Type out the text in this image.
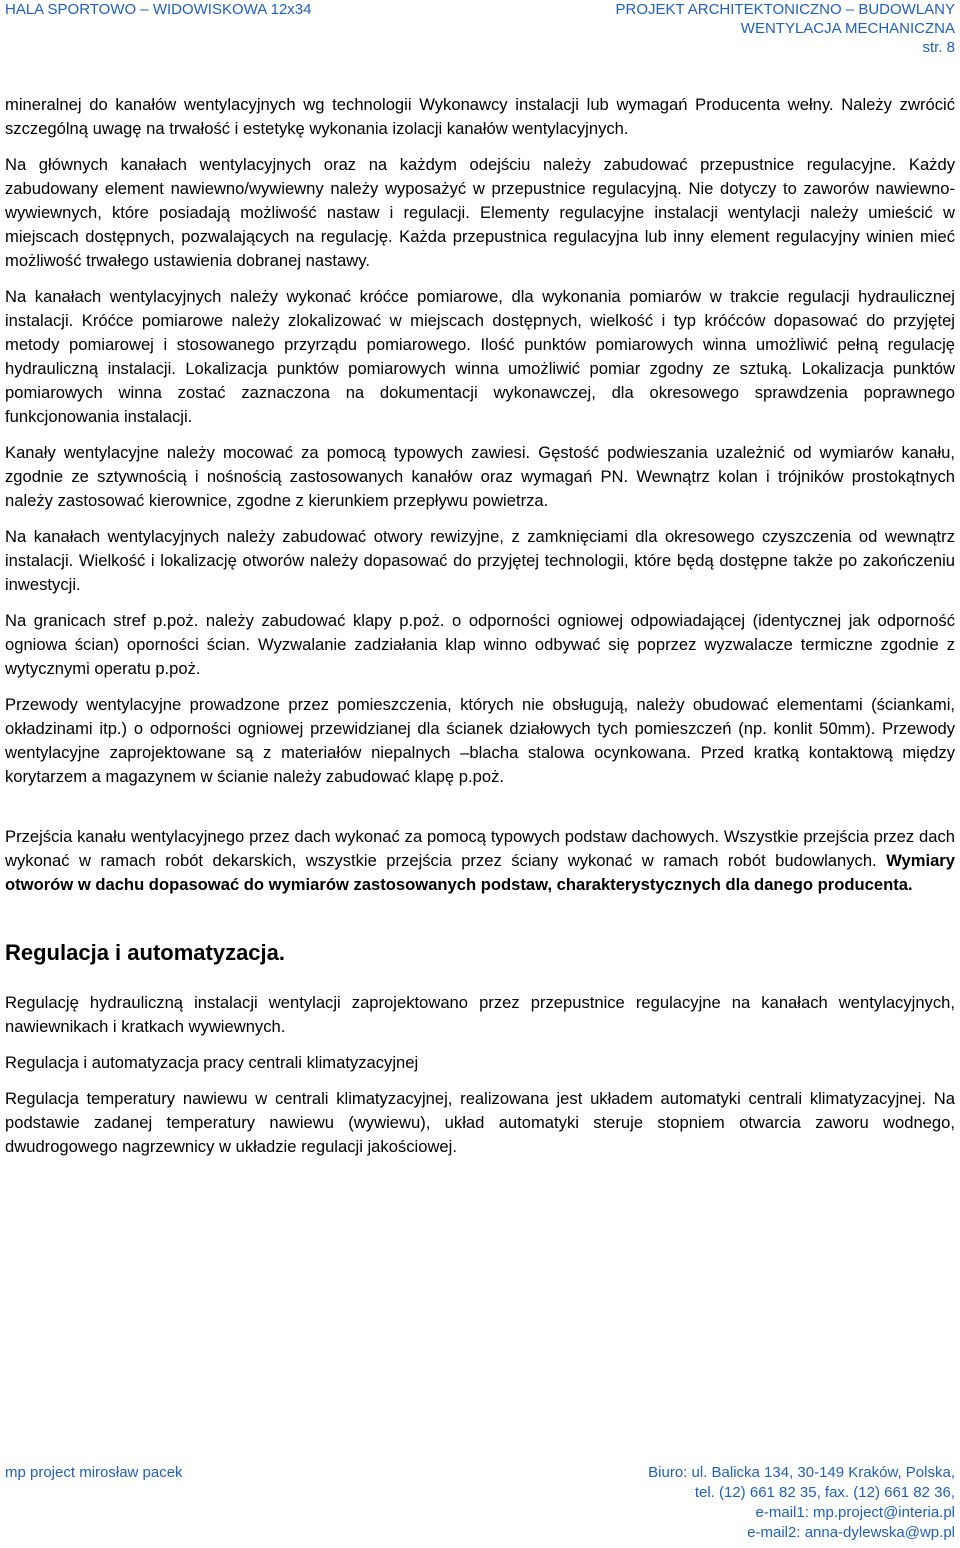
HALA SPORTOWO – WIDOWISKOWA 12x34	PROJEKT ARCHITEKTONICZNO – BUDOWLANY
WENTYLACJA MECHANICZNA
str. 8

mineralnej do kanałów wentylacyjnych wg technologii Wykonawcy instalacji lub wymagań Producenta wełny. Należy zwrócić szczególną uwagę na trwałość i estetykę wykonania izolacji kanałów wentylacyjnych.

Na głównych kanałach wentylacyjnych oraz na każdym odejściu należy zabudować przepustnice regulacyjne. Każdy zabudowany element nawiewno/wywiewny należy wyposażyć w przepustnice regulacyjną. Nie dotyczy to zaworów nawiewno-wywiewnych, które posiadają możliwość nastaw i regulacji. Elementy regulacyjne instalacji wentylacji należy umieścić w miejscach dostępnych, pozwalających na regulację. Każda przepustnica regulacyjna lub inny element regulacyjny winien mieć możliwość trwałego ustawienia dobranej nastawy.

Na kanałach wentylacyjnych należy wykonać króćce pomiarowe, dla wykonania pomiarów w trakcie regulacji hydraulicznej instalacji. Króćce pomiarowe należy zlokalizować w miejscach dostępnych, wielkość i typ króćców dopasować do przyjętej metody pomiarowej i stosowanego przyrządu pomiarowego. Ilość punktów pomiarowych winna umożliwić pełną regulację hydrauliczną instalacji. Lokalizacja punktów pomiarowych winna umożliwić pomiar zgodny ze sztuką. Lokalizacja punktów pomiarowych winna zostać zaznaczona na dokumentacji wykonawczej, dla okresowego sprawdzenia poprawnego funkcjonowania instalacji.

Kanały wentylacyjne należy mocować za pomocą typowych zawiesi. Gęstość podwieszania uzależnić od wymiarów kanału, zgodnie ze sztywnością i nośnością zastosowanych kanałów oraz wymagań PN. Wewnątrz kolan i trójników prostokątnych należy zastosować kierownice, zgodne z kierunkiem przepływu powietrza.

Na kanałach wentylacyjnych należy zabudować otwory rewizyjne, z zamknięciami dla okresowego czyszczenia od wewnątrz instalacji. Wielkość i lokalizację otworów należy dopasować do przyjętej technologii, które będą dostępne także po zakończeniu inwestycji.

Na granicach stref p.poż. należy zabudować klapy p.poż. o odporności ogniowej odpowiadającej (identycznej jak odporność ogniowa ścian) oporności ścian. Wyzwalanie zadziałania klap winno odbywać się poprzez wyzwalacze termiczne zgodnie z wytycznymi operatu p.poż.

Przewody wentylacyjne prowadzone przez pomieszczenia, których nie obsługują, należy obudować elementami (ściankami, okładzinami itp.) o odporności ogniowej przewidzianej dla ścianek działowych tych pomieszczeń (np. konlit 50mm). Przewody wentylacyjne zaprojektowane są z materiałów niepalnych –blacha stalowa ocynkowana. Przed kratką kontaktową między korytarzem a magazynem w ścianie należy zabudować klapę p.poż.

Przejścia kanału wentylacyjnego przez dach wykonać za pomocą typowych podstaw dachowych. Wszystkie przejścia przez dach wykonać w ramach robót dekarskich, wszystkie przejścia przez ściany wykonać w ramach robót budowlanych. Wymiary otworów w dachu dopasować do wymiarów zastosowanych podstaw, charakterystycznych dla danego producenta.

Regulacja i automatyzacja.

Regulację hydrauliczną instalacji wentylacji zaprojektowano przez przepustnice regulacyjne na kanałach wentylacyjnych, nawiewnikach i kratkach wywiewnych.

Regulacja i automatyzacja pracy centrali klimatyzacyjnej

Regulacja temperatury nawiewu w centrali klimatyzacyjnej, realizowana jest układem automatyki centrali klimatyzacyjnej. Na podstawie zadanej temperatury nawiewu (wywiewu), układ automatyki steruje stopniem otwarcia zaworu wodnego, dwudrogowego nagrzewnicy w układzie regulacji jakościowej.

mp project mirosław pacek	Biuro: ul. Balicka 134, 30-149 Kraków, Polska,
tel. (12) 661 82 35, fax. (12) 661 82 36,
e-mail1: mp.project@interia.pl
e-mail2: anna-dylewska@wp.pl
